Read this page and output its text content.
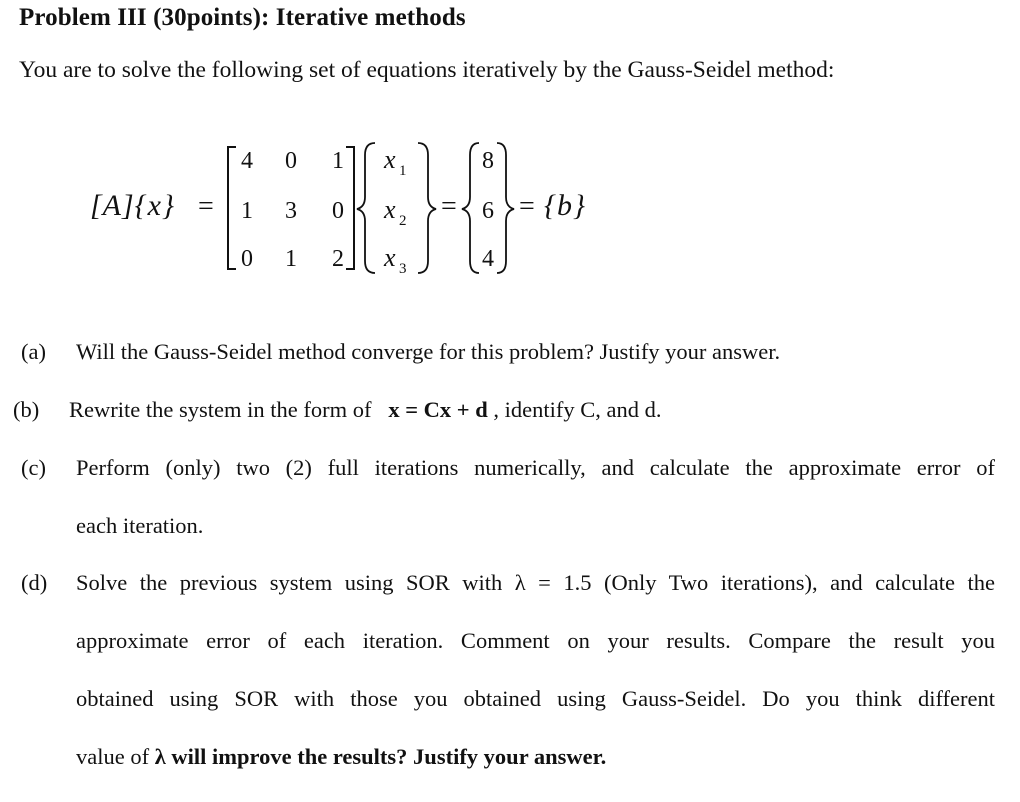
Problem III (30points): Iterative methods
You are to solve the following set of equations iteratively by the Gauss-Seidel method:
[A]{x} =
4 0 1
1 3 0
0 1 2
x
x
x
1
2
3
=
8
6
4
= {b}
(a) Will the Gauss-Seidel method converge for this problem? Justify your answer.
(b) Rewrite the system in the form of x = Cx + d , identify C, and d.
(c) Perform (only) two (2) full iterations numerically, and calculate the approximate error of
each iteration.
(d) Solve the previous system using SOR with λ = 1.5 (Only Two iterations), and calculate the
approximate error of each iteration. Comment on your results. Compare the result you
obtained using SOR with those you obtained using Gauss-Seidel. Do you think different
value of λ will improve the results? Justify your answer.
